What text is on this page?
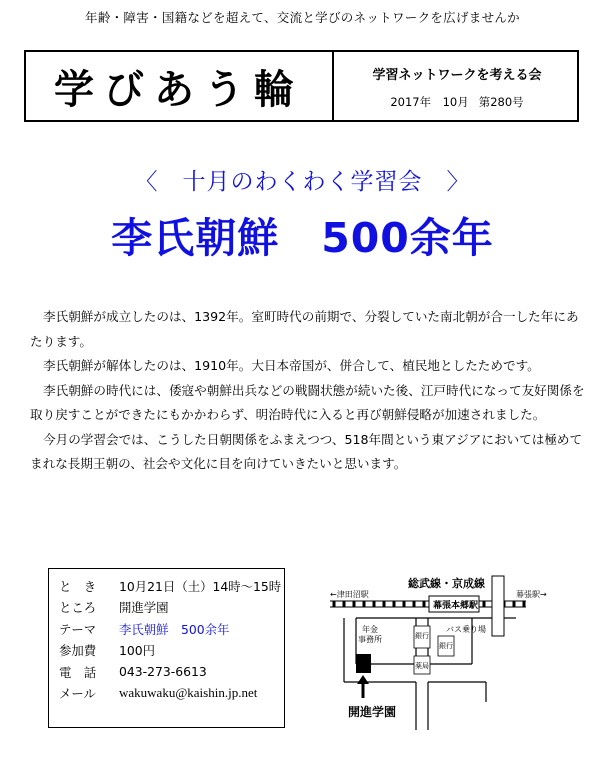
年齢・障害・国籍などを超えて、交流と学びのネットワークを広げませんか
学びあう輪	学習ネットワークを考える会
2017年　10月 第280号
〈　十月のわくわく学習会　〉
李氏朝鮮　500余年

李氏朝鮮が成立したのは、1392年。室町時代の前期で、分裂していた南北朝が合一した年にあたります。

李氏朝鮮が解体したのは、1910年。大日本帝国が、併合して、植民地としたためです。

李氏朝鮮の時代には、倭寇や朝鮮出兵などの戦闘状態が続いた後、江戸時代になって友好関係を取り戻すことができたにもかかわらず、明治時代に入ると再び朝鮮侵略が加速されました。

今月の学習会では、こうした日朝関係をふまえつつ、518年間という東アジアにおいては極めてまれな長期王朝の、社会や文化に目を向けていきたいと思います。

と　き	10月21日（土）14時～15時
ところ	開進学園
テーマ	李氏朝鮮　500余年
参加費	100円
電　話	043-273-6613
メール	wakuwaku@kaishin.jp.net
総武線・京成線
←津田沼駅	幕張駅→
幕張本郷駅
年金
事務所	銀行
バス乗り場
銀行
薬局
開進学園
